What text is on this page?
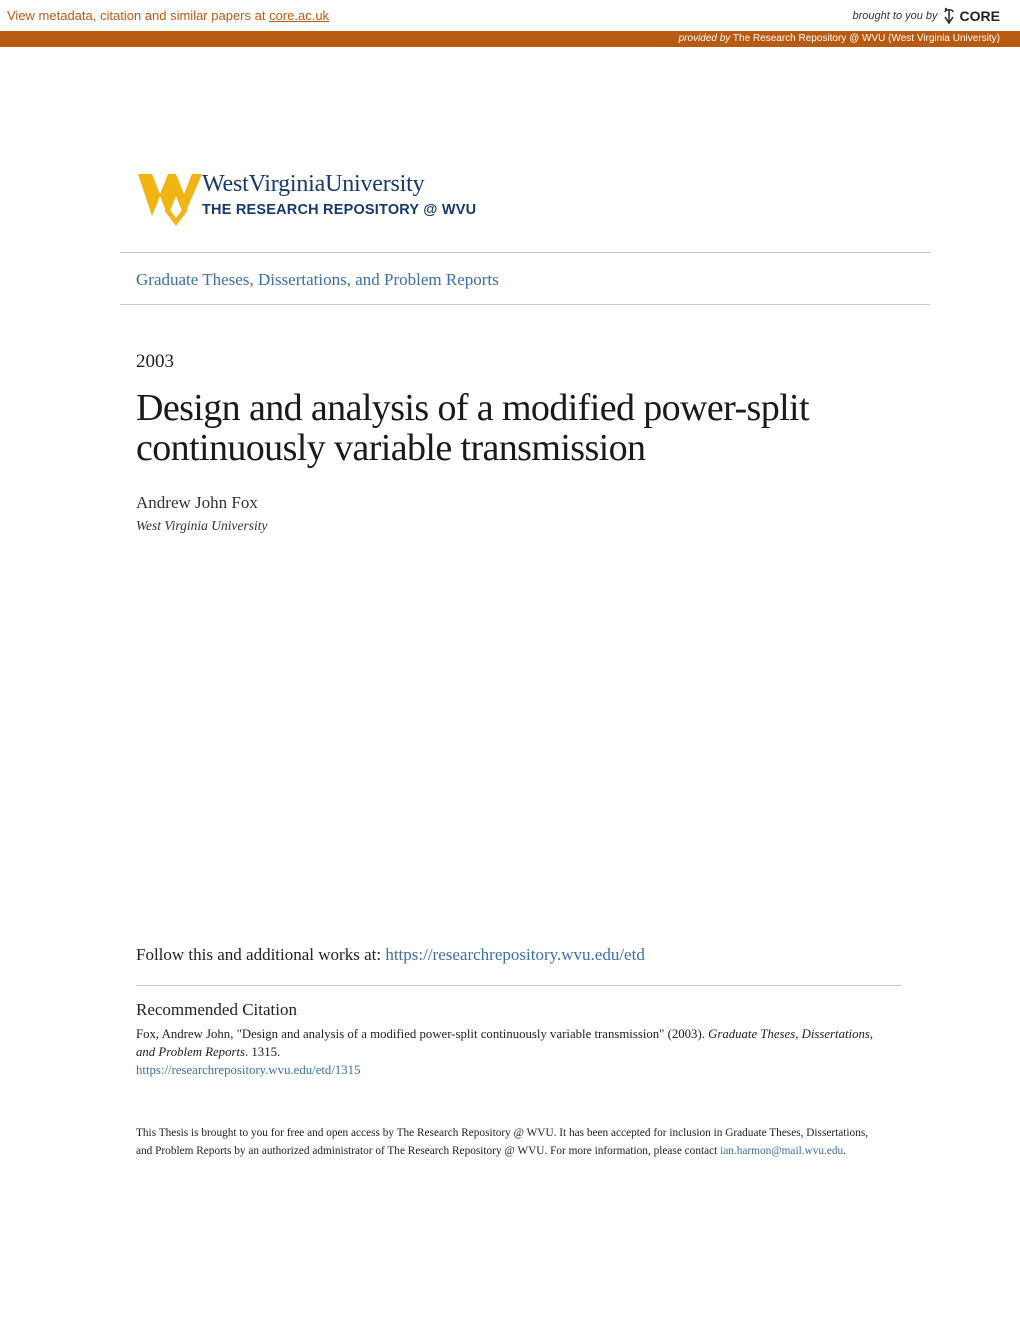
View metadata, citation and similar papers at core.ac.uk	brought to you by CORE
provided by The Research Repository @ WVU (West Virginia University)
WestVirginiaUniversity
THE RESEARCH REPOSITORY @ WVU
Graduate Theses, Dissertations, and Problem Reports
2003
Design and analysis of a modified power-split
continuously variable transmission
Andrew John Fox
West Virginia University
Follow this and additional works at: https://researchrepository.wvu.edu/etd
Recommended Citation
Fox, Andrew John, "Design and analysis of a modified power-split continuously variable transmission" (2003). Graduate Theses, Dissertations, and Problem Reports. 1315.
https://researchrepository.wvu.edu/etd/1315
This Thesis is brought to you for free and open access by The Research Repository @ WVU. It has been accepted for inclusion in Graduate Theses, Dissertations, and Problem Reports by an authorized administrator of The Research Repository @ WVU. For more information, please contact ian.harmon@mail.wvu.edu.
